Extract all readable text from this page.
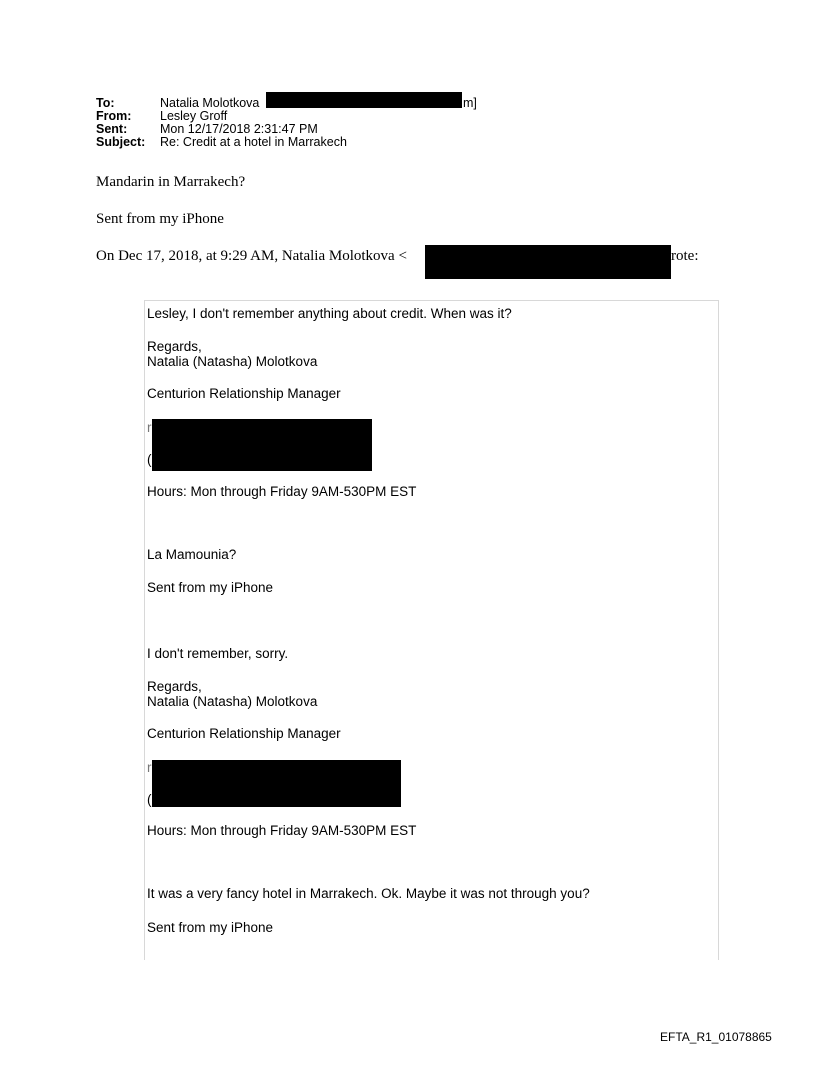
To:	Natalia Molotkova	m]
From: Lesley Groff
Sent:	Mon 12/17/2018 2:31:47 PM
Subject: Re: Credit at a hotel in Marrakech
Mandarin in Marrakech?
Sent from my iPhone
On Dec 17, 2018, at 9:29 AM, Natalia Molotkova <	rote:
Lesley, I don't remember anything about credit. When was it?
Regards,
Natalia (Natasha) Molotkova
Centurion Relationship Manager
r
(
Hours: Mon through Friday 9AM-530PM EST
La Mamounia?
Sent from my iPhone
I don't remember, sorry.
Regards,
Natalia (Natasha) Molotkova
Centurion Relationship Manager
r
(
Hours: Mon through Friday 9AM-530PM EST
It was a very fancy hotel in Marrakech. Ok. Maybe it was not through you?
Sent from my iPhone
EFTA_R1_01078865
